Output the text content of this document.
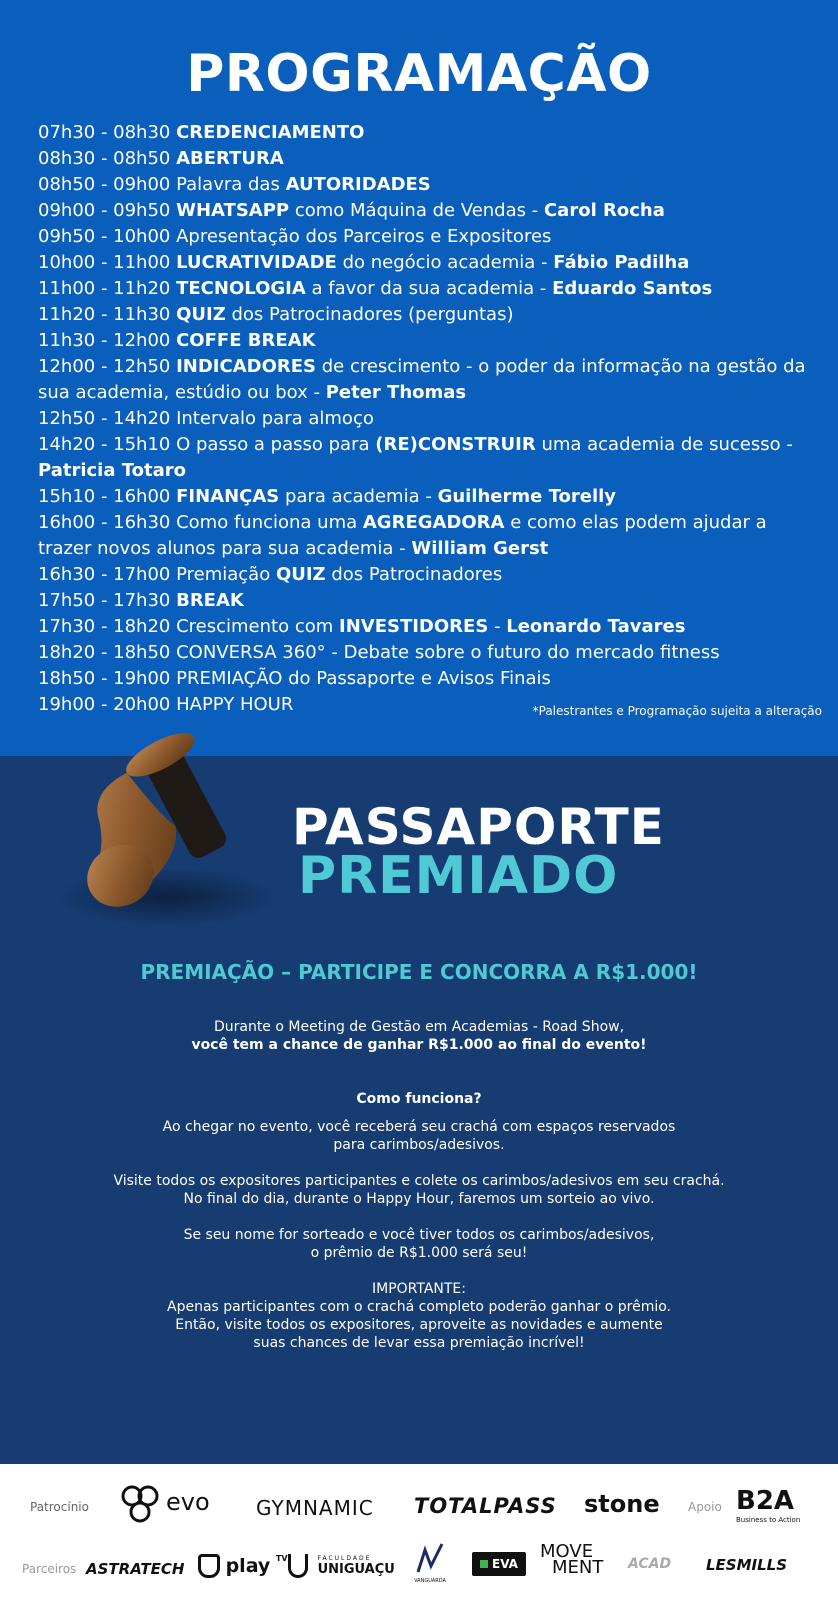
PROGRAMAÇÃO
07h30 - 08h30 CREDENCIAMENTO
08h30 - 08h50 ABERTURA
08h50 - 09h00 Palavra das AUTORIDADES
09h00 - 09h50 WHATSAPP como Máquina de Vendas - Carol Rocha
09h50 - 10h00 Apresentação dos Parceiros e Expositores
10h00 - 11h00 LUCRATIVIDADE do negócio academia - Fábio Padilha
11h00 - 11h20 TECNOLOGIA a favor da sua academia - Eduardo Santos
11h20 - 11h30 QUIZ dos Patrocinadores (perguntas)
11h30 - 12h00 COFFE BREAK
12h00 - 12h50 INDICADORES de crescimento - o poder da informação na gestão da sua academia, estúdio ou box - Peter Thomas
12h50 - 14h20 Intervalo para almoço
14h20 - 15h10 O passo a passo para (RE)CONSTRUIR uma academia de sucesso - Patricia Totaro
15h10 - 16h00 FINANÇAS para academia - Guilherme Torelly
16h00 - 16h30 Como funciona uma AGREGADORA e como elas podem ajudar a trazer novos alunos para sua academia - William Gerst
16h30 - 17h00 Premiação QUIZ dos Patrocinadores
17h50 - 17h30 BREAK
17h30 - 18h20 Crescimento com INVESTIDORES - Leonardo Tavares
18h20 - 18h50 CONVERSA 360° - Debate sobre o futuro do mercado fitness
18h50 - 19h00 PREMIAÇÃO do Passaporte e Avisos Finais
19h00 - 20h00 HAPPY HOUR	*Palestrantes e Programação sujeita a alteração
PASSAPORTE
PREMIADO
PREMIAÇÃO – PARTICIPE E CONCORRA A R$1.000!

Durante o Meeting de Gestão em Academias - Road Show,

você tem a chance de ganhar R$1.000 ao final do evento!

Como funciona?

Ao chegar no evento, você receberá seu crachá com espaços reservados

para carimbos/adesivos.

Visite todos os expositores participantes e colete os carimbos/adesivos em seu crachá.

No final do dia, durante o Happy Hour, faremos um sorteio ao vivo.

Se seu nome for sorteado e você tiver todos os carimbos/adesivos,

o prêmio de R$1.000 será seu!

IMPORTANTE:

Apenas participantes com o crachá completo poderão ganhar o prêmio.

Então, visite todos os expositores, aproveite as novidades e aumente

suas chances de levar essa premiação incrível!

Patrocínio	evo GYMNAMIC TOTALPASS stone Apoio B2A
Business to Action
Parceiros ASTRATECH	play $^{TV}$
	FACULDADE
UNIGUAÇU
VANGUARDA
EVA
MOVE
MENT ACAD LESMILLS
